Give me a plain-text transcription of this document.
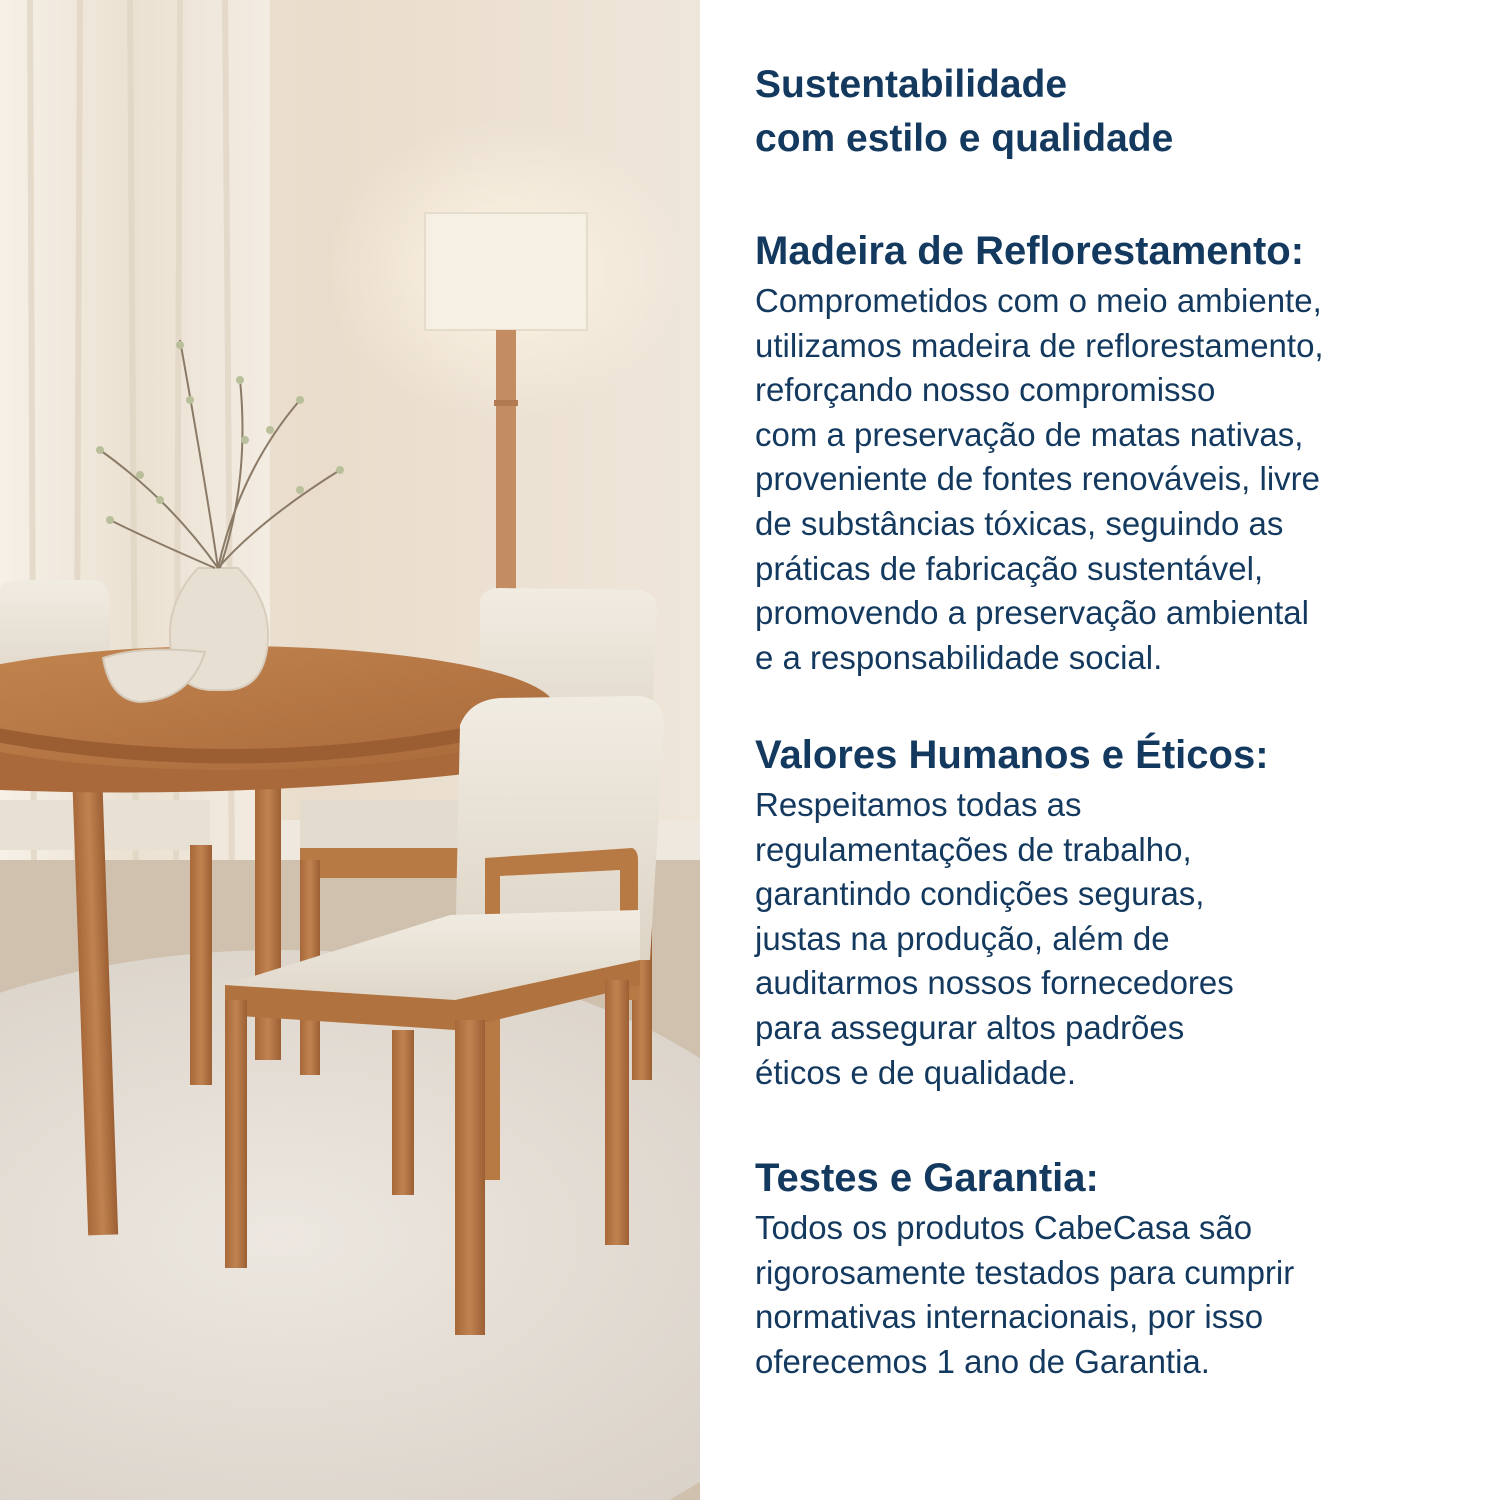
Sustentabilidade
com estilo e qualidade
Madeira de Reflorestamento:
Comprometidos com o meio ambiente,
utilizamos madeira de reflorestamento,
reforçando nosso compromisso
com a preservação de matas nativas,
proveniente de fontes renováveis, livre
de substâncias tóxicas, seguindo as
práticas de fabricação sustentável,
promovendo a preservação ambiental
e a responsabilidade social.
Valores Humanos e Éticos:
Respeitamos todas as
regulamentações de trabalho,
garantindo condições seguras,
justas na produção, além de
auditarmos nossos fornecedores
para assegurar altos padrões
éticos e de qualidade.
Testes e Garantia:
Todos os produtos CabeCasa são
rigorosamente testados para cumprir
normativas internacionais, por isso
oferecemos 1 ano de Garantia.
